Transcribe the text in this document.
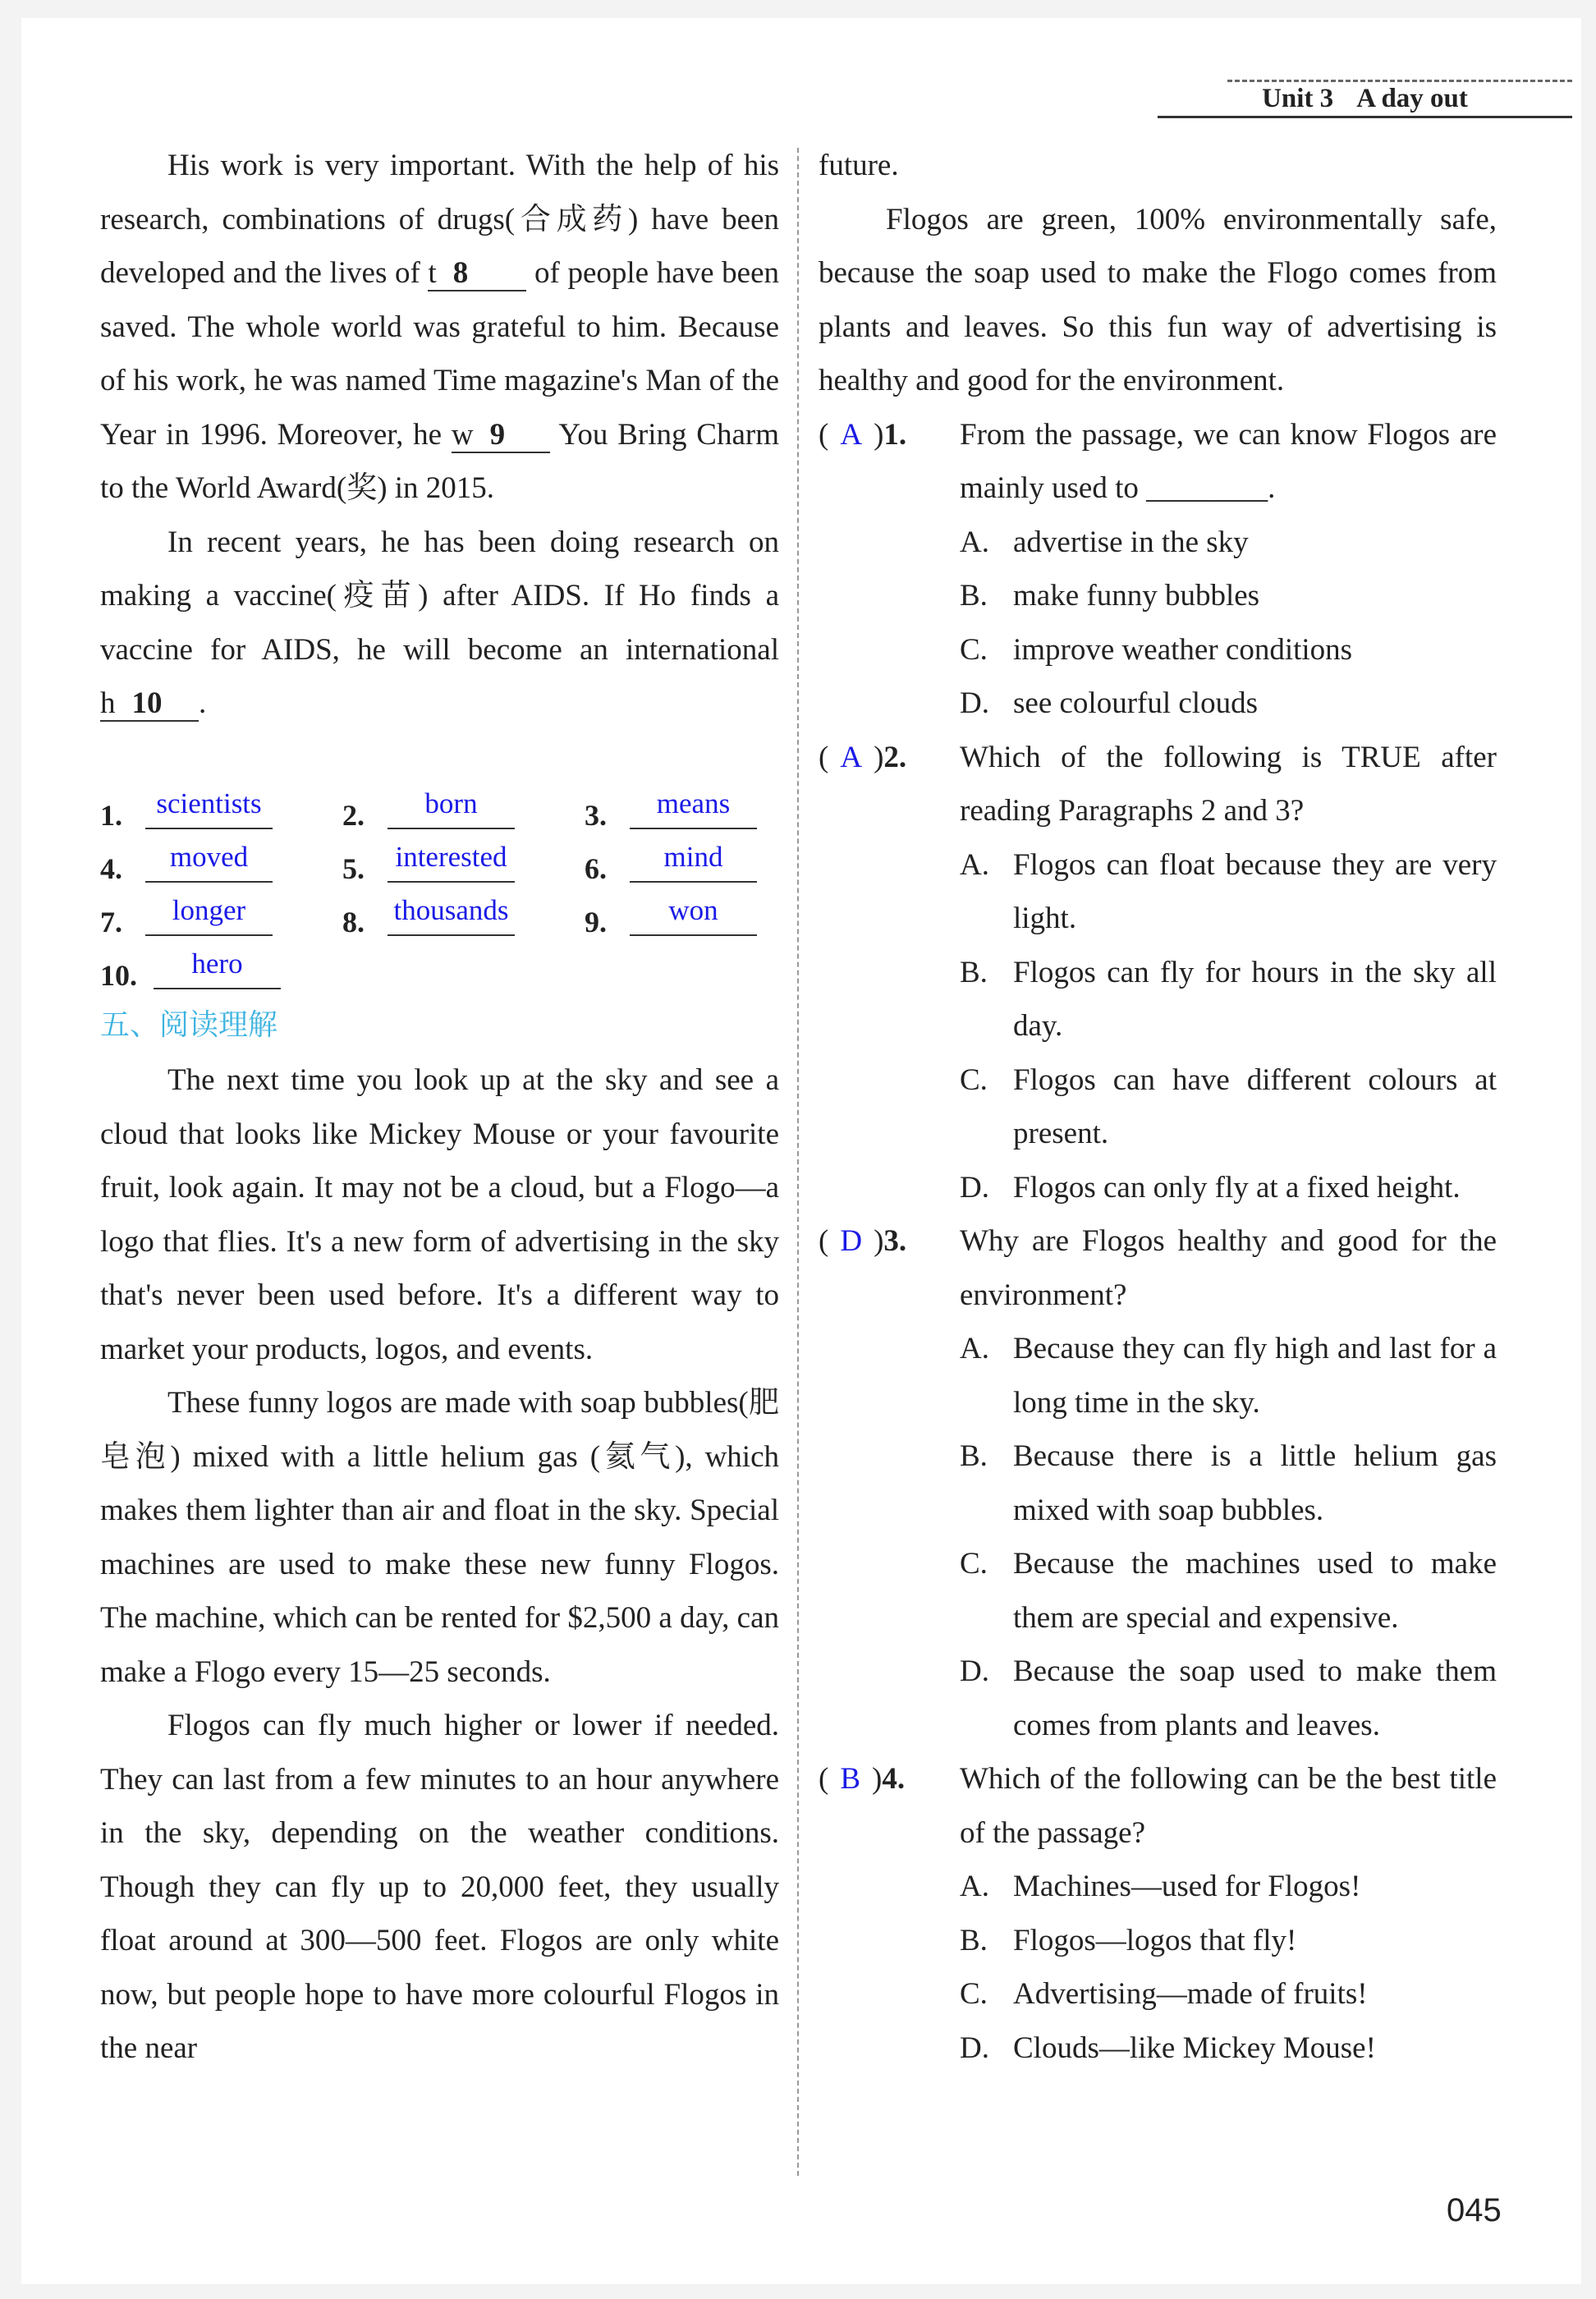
Unit 3 A day out

His work is very important. With the help of his research, combinations of drugs(合成药) have been developed and the lives of t 8 of people have been saved. The whole world was grateful to him. Because of his work, he was named Time magazine's Man of the Year in 1996. Moreover, he w 9 You Bring Charm to the World Award(奖) in 2015.

In recent years, he has been doing research on making a vaccine(疫苗) after AIDS. If Ho finds a vaccine for AIDS, he will become an international h 10 .

1.	scientists	2.	born	3.	means
4.	moved	5. interested	6.	mind
7.	longer	8. thousands	9.	won
10.	hero
五、阅读理解

The next time you look up at the sky and see a cloud that looks like Mickey Mouse or your favourite fruit, look again. It may not be a cloud, but a Flogo—a logo that flies. It's a new form of advertising in the sky that's never been used before. It's a different way to market your products, logos, and events.

These funny logos are made with soap bubbles(肥皂泡) mixed with a little helium gas (氦气), which makes them lighter than air and float in the sky. Special machines are used to make these new funny Flogos. The machine, which can be rented for $2,500 a day, can make a Flogo every 15—25 seconds.

Flogos can fly much higher or lower if needed. They can last from a few minutes to an hour anywhere in the sky, depending on the weather conditions. Though they can fly up to 20,000 feet, they usually float around at 300—500 feet. Flogos are only white now, but people hope to have more colourful Flogos in the near

future.

Flogos are green, 100% environmentally safe, because the soap used to make the Flogo comes from plants and leaves. So this fun way of advertising is healthy and good for the environment.

( A )1. From the passage, we can know Flogos are mainly used to ________.
A. advertise in the sky
B. make funny bubbles
C. improve weather conditions
D. see colourful clouds
( A )2. Which of the following is TRUE after reading Paragraphs 2 and 3?
A. Flogos can float because they are very light.
B. Flogos can fly for hours in the sky all day.
C. Flogos can have different colours at present.
D. Flogos can only fly at a fixed height.
( D )3. Why are Flogos healthy and good for the environment?
A. Because they can fly high and last for a long time in the sky.
B. Because there is a little helium gas mixed with soap bubbles.
C. Because the machines used to make them are special and expensive.
D. Because the soap used to make them comes from plants and leaves.
( B )4. Which of the following can be the best title of the passage?
A. Machines—used for Flogos!
B. Flogos—logos that fly!
C. Advertising—made of fruits!
D. Clouds—like Mickey Mouse!
045
